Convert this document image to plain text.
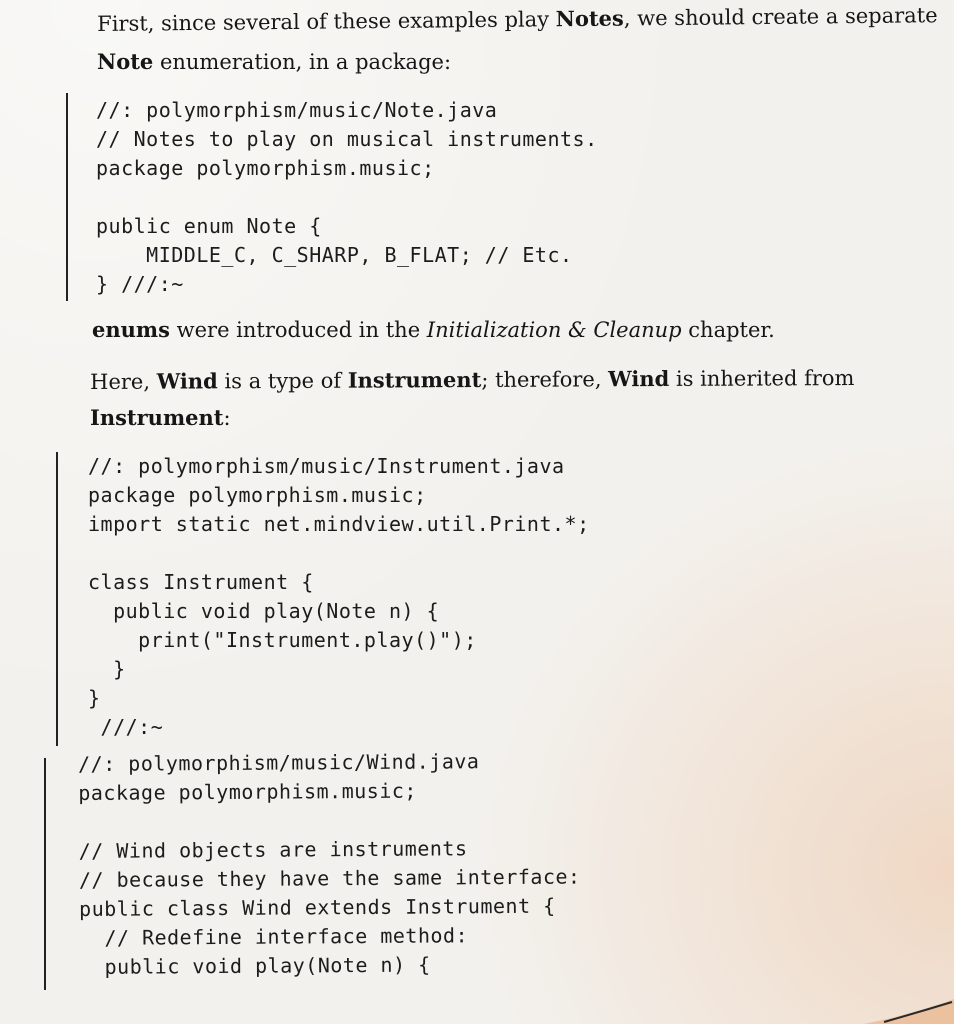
First, since several of these examples play Notes, we should create a separate
Note enumeration, in a package:
//: polymorphism/music/Note.java
// Notes to play on musical instruments.
package polymorphism.music;

public enum Note {
MIDDLE_C, C_SHARP, B_FLAT; // Etc.
} ///:~
enums were introduced in the Initialization & Cleanup chapter.
Here, Wind is a type of Instrument; therefore, Wind is inherited from
Instrument:
//: polymorphism/music/Instrument.java
package polymorphism.music;
import static net.mindview.util.Print.*;

class Instrument {
public void play(Note n) {
print("Instrument.play()");
}
}
///:~
//: polymorphism/music/Wind.java
package polymorphism.music;

// Wind objects are instruments
// because they have the same interface:
public class Wind extends Instrument {
// Redefine interface method:
public void play(Note n) {
